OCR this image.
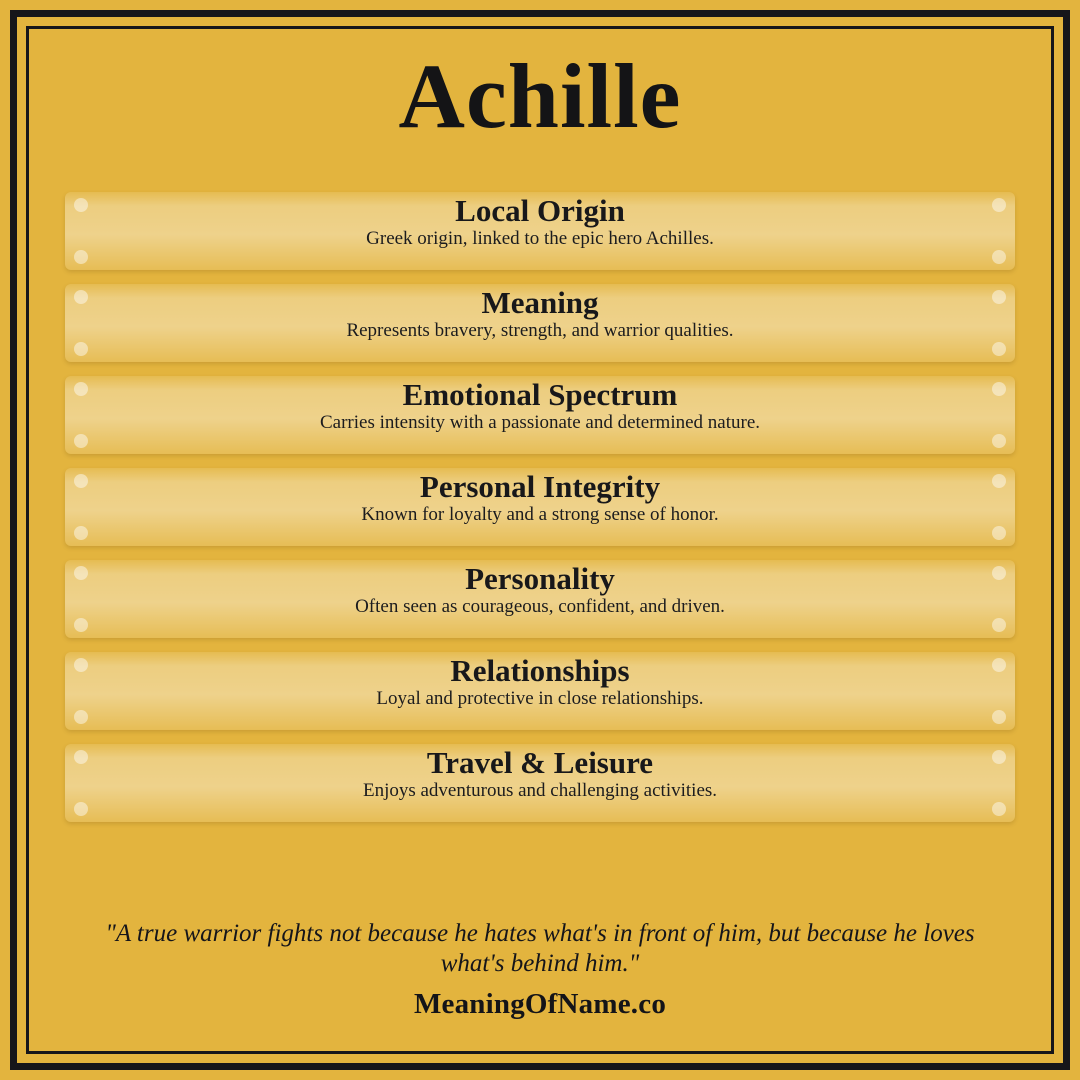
Achille
Local Origin
Greek origin, linked to the epic hero Achilles.
Meaning
Represents bravery, strength, and warrior qualities.
Emotional Spectrum
Carries intensity with a passionate and determined nature.
Personal Integrity
Known for loyalty and a strong sense of honor.
Personality
Often seen as courageous, confident, and driven.
Relationships
Loyal and protective in close relationships.
Travel & Leisure
Enjoys adventurous and challenging activities.
"A true warrior fights not because he hates what's in front of him, but because he loves what's behind him."
MeaningOfName.co
